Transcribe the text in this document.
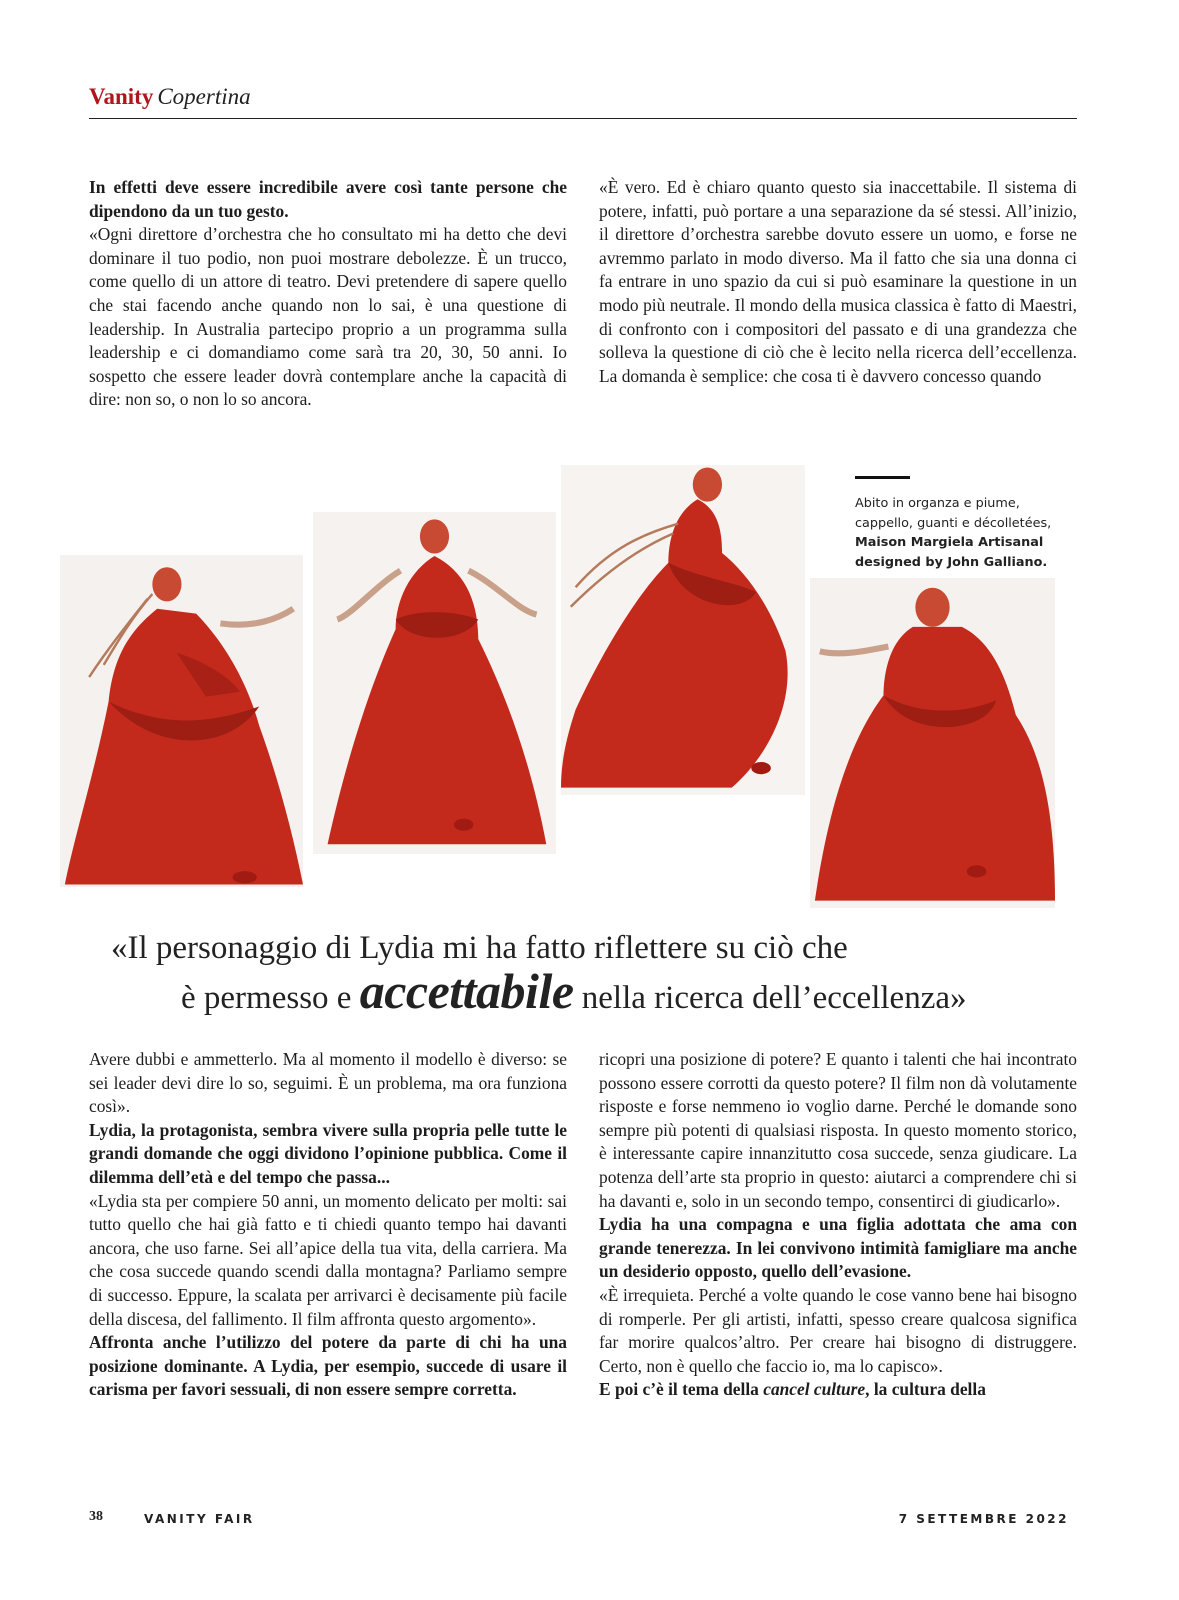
Vanity Copertina

In effetti deve essere incredibile avere così tante persone che dipendono da un tuo gesto.

«Ogni direttore d’orchestra che ho consultato mi ha detto che devi dominare il tuo podio, non puoi mostrare debolezze. È un trucco, come quello di un attore di teatro. Devi pretendere di sapere quello che stai facendo anche quando non lo sai, è una questione di leadership. In Australia partecipo proprio a un programma sulla leadership e ci domandiamo come sarà tra 20, 30, 50 anni. Io sospetto che essere leader dovrà contemplare anche la capacità di dire: non so, o non lo so ancora.

«È vero. Ed è chiaro quanto questo sia inaccettabile. Il sistema di potere, infatti, può portare a una separazione da sé stessi. All’inizio, il direttore d’orchestra sarebbe dovuto essere un uomo, e forse ne avremmo parlato in modo diverso. Ma il fatto che sia una donna ci fa entrare in uno spazio da cui si può esaminare la questione in un modo più neutrale. Il mondo della musica classica è fatto di Maestri, di confronto con i compositori del passato e di una grandezza che solleva la questione di ciò che è lecito nella ricerca dell’eccellenza. La domanda è semplice: che cosa ti è davvero concesso quando

Abito in organza e piume,
cappello, guanti e décolletées,
Maison Margiela Artisanal
designed by John Galliano.
«Il personaggio di Lydia mi ha fatto riflettere su ciò che
è permesso e accettabile nella ricerca dell’eccellenza»

Avere dubbi e ammetterlo. Ma al momento il modello è diverso: se sei leader devi dire lo so, seguimi. È un problema, ma ora funziona così».

Lydia, la protagonista, sembra vivere sulla propria pelle tutte le grandi domande che oggi dividono l’opinione pubblica. Come il dilemma dell’età e del tempo che passa...

«Lydia sta per compiere 50 anni, un momento delicato per molti: sai tutto quello che hai già fatto e ti chiedi quanto tempo hai davanti ancora, che uso farne. Sei all’apice della tua vita, della carriera. Ma che cosa succede quando scendi dalla montagna? Parliamo sempre di successo. Eppure, la scalata per arrivarci è decisamente più facile della discesa, del fallimento. Il film affronta questo argomento».

Affronta anche l’utilizzo del potere da parte di chi ha una posizione dominante. A Lydia, per esempio, succede di usare il carisma per favori sessuali, di non essere sempre corretta.

ricopri una posizione di potere? E quanto i talenti che hai incontrato possono essere corrotti da questo potere? Il film non dà volutamente risposte e forse nemmeno io voglio darne. Perché le domande sono sempre più potenti di qualsiasi risposta. In questo momento storico, è interessante capire innanzitutto cosa succede, senza giudicare. La potenza dell’arte sta proprio in questo: aiutarci a comprendere chi si ha davanti e, solo in un secondo tempo, consentirci di giudicarlo».

Lydia ha una compagna e una figlia adottata che ama con grande tenerezza. In lei convivono intimità famigliare ma anche un desiderio opposto, quello dell’evasione.

«È irrequieta. Perché a volte quando le cose vanno bene hai bisogno di romperle. Per gli artisti, infatti, spesso creare qualcosa significa far morire qualcos’altro. Per creare hai bisogno di distruggere. Certo, non è quello che faccio io, ma lo capisco».

E poi c’è il tema della cancel culture, la cultura della

38	VANITY FAIR	7 SETTEMBRE 2022
